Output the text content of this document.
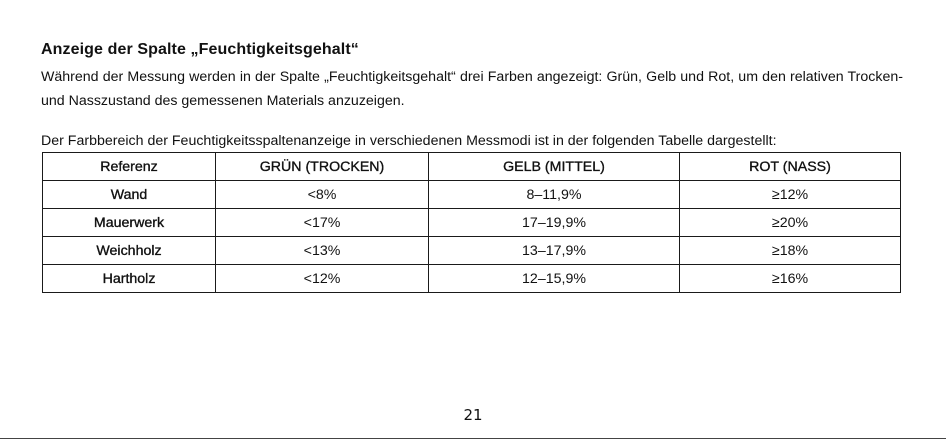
Anzeige der Spalte „Feuchtigkeitsgehalt“

Während der Messung werden in der Spalte „Feuchtigkeitsgehalt“ drei Farben angezeigt: Grün, Gelb und Rot, um den relativen Trocken- und Nasszustand des gemessenen Materials anzuzeigen.

Der Farbbereich der Feuchtigkeitsspaltenanzeige in verschiedenen Messmodi ist in der folgenden Tabelle dargestellt:
Referenz	GRÜN (TROCKEN)	GELB (MITTEL)	ROT (NASS)
Wand	<8%	8–11,9%	≥12%
Mauerwerk	<17%	17–19,9%	≥20%
Weichholz	<13%	13–17,9%	≥18%
Hartholz	<12%	12–15,9%	≥16%
21
